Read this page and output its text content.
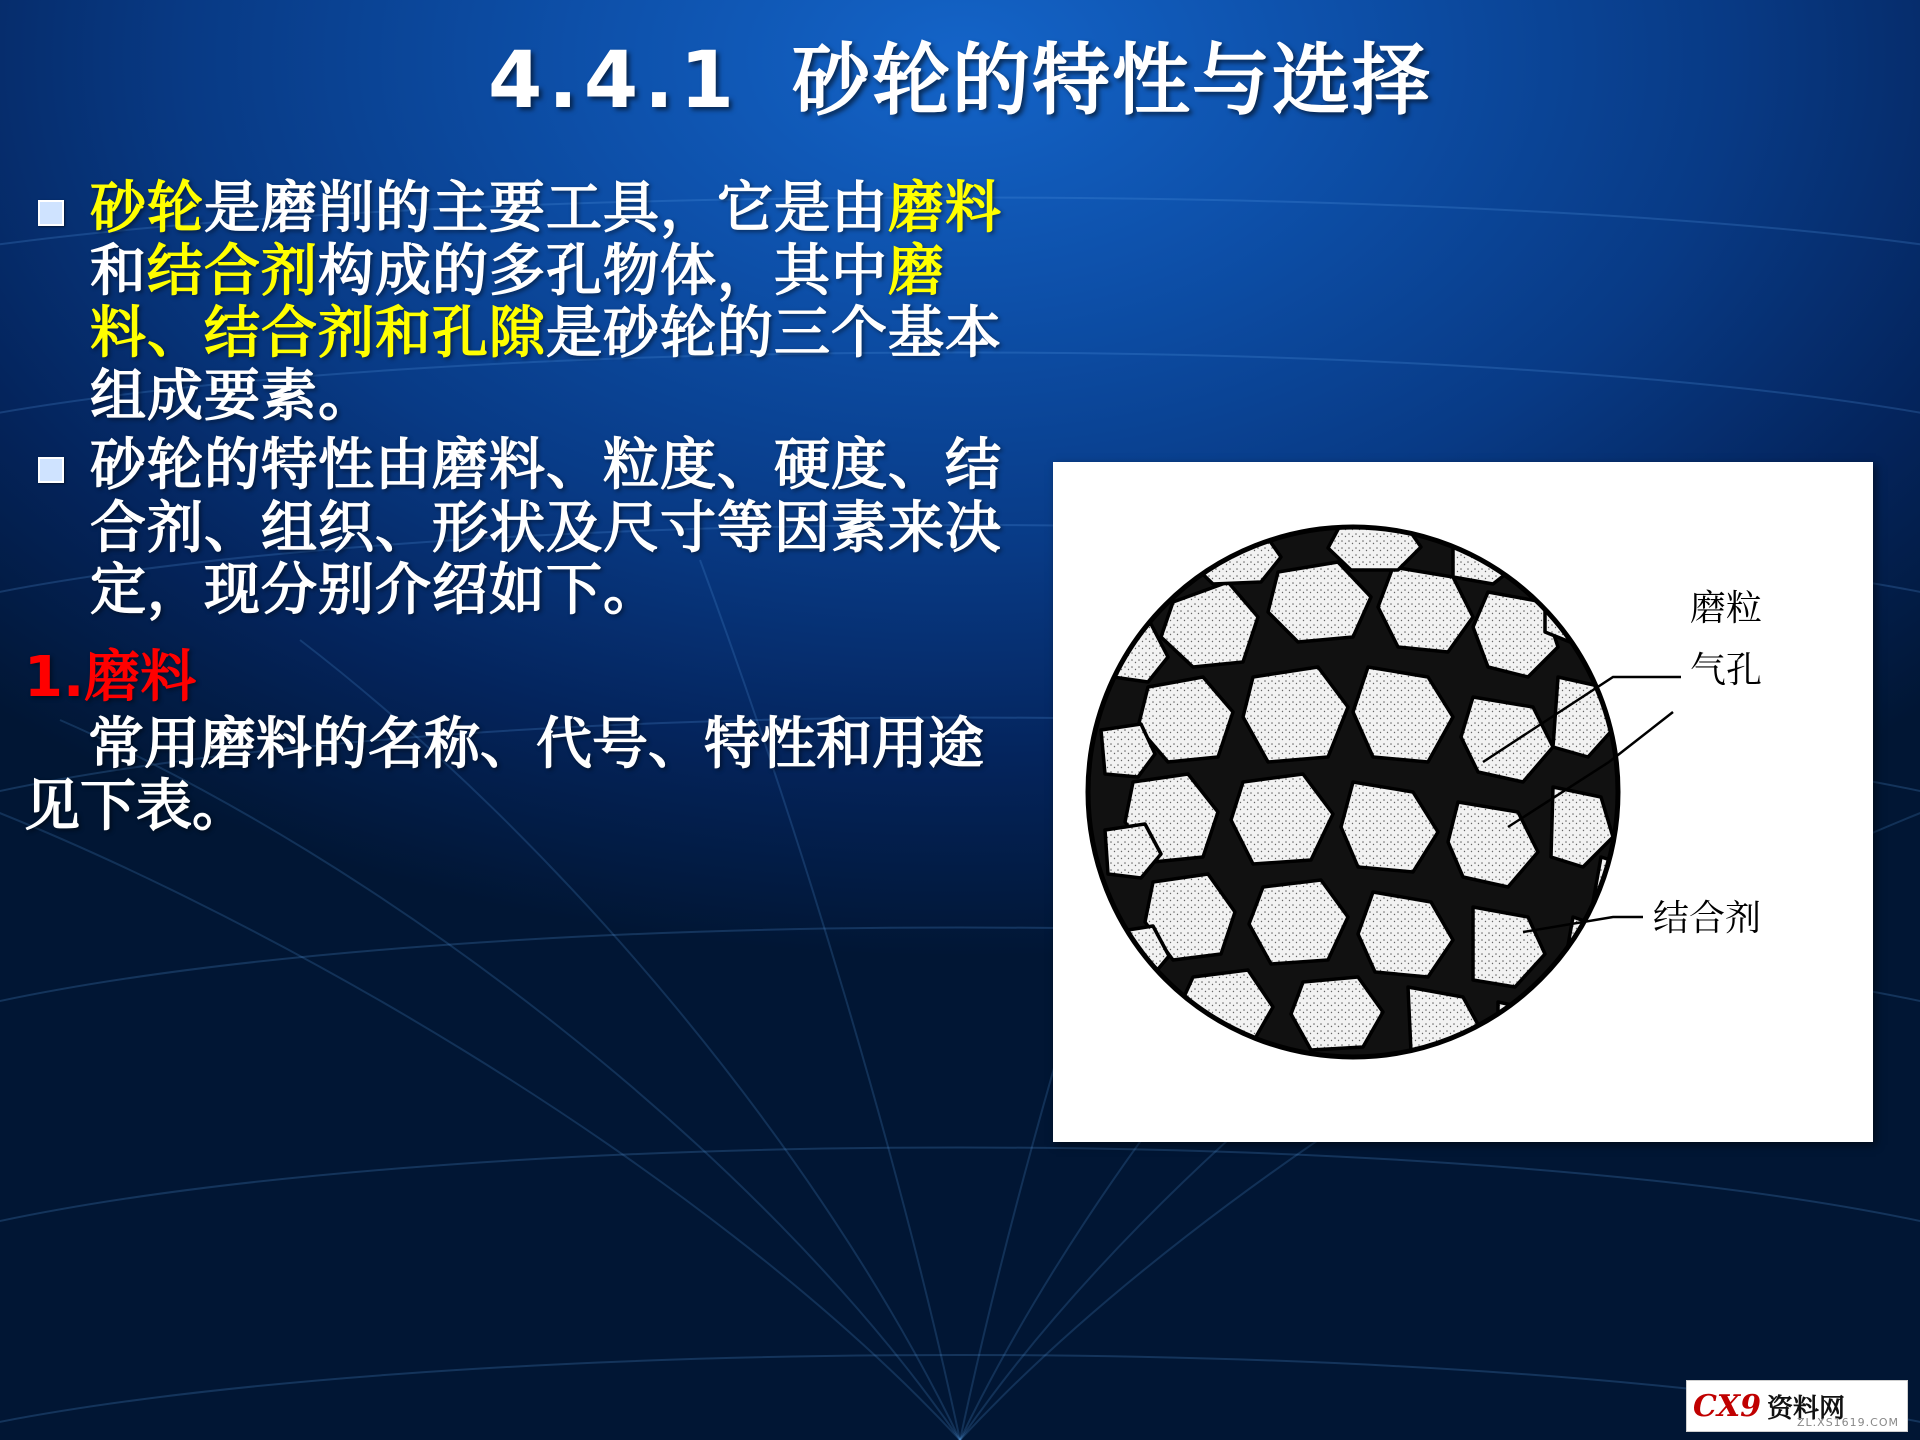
4.4.1 砂轮的特性与选择
砂轮是磨削的主要工具，它是由磨料和结合剂构成的多孔物体，其中磨料、结合剂和孔隙是砂轮的三个基本组成要素。
砂轮的特性由磨料、粒度、硬度、结合剂、组织、形状及尺寸等因素来决定，现分别介绍如下。
1.磨料
常用磨料的名称、代号、特性和用途见下表。
磨粒
气孔
结合剂
CX9 资料网
ZL.XS1619.COM
